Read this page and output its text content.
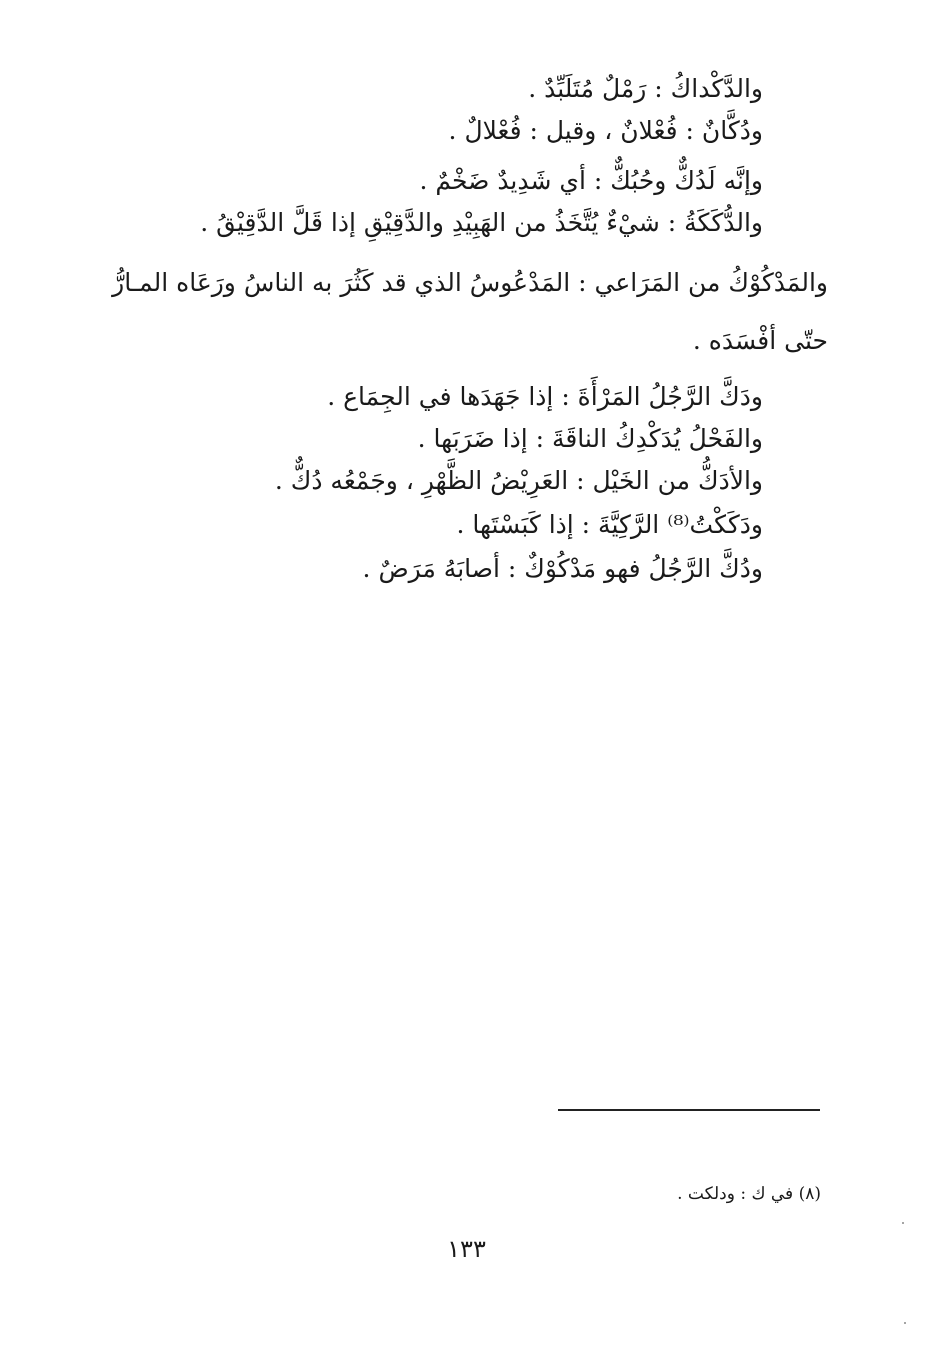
والدَّكْداكُ : رَمْلٌ مُتَلَبِّدٌ .
ودُكَّانٌ : فُعْلانٌ ، وقيل : فُعْلالٌ .
وإنَّه لَدُكٌّ وحُبُكٌّ : أي شَدِيدٌ ضَخْمٌ .
والدُّكَكَةُ : شيْءٌ يُتَّخَذُ من الهَبِيْدِ والدَّقِيْقِ إذا قَلَّ الدَّقِيْقُ .
والمَدْكُوْكُ من المَرَاعي : المَدْعُوسُ الذي قد كَثُرَ به الناسُ ورَعَاه المـارُّ
حتّى أفْسَدَه .
ودَكَّ الرَّجُلُ المَرْأَةَ : إذا جَهَدَها في الجِمَاع .
والفَحْلُ يُدَكْدِكُ الناقَةَ : إذا ضَرَبَها .
والأدَكُّ من الخَيْل : العَرِيْضُ الظَّهْرِ ، وجَمْعُه دُكٌّ .
ودَكَكْتُ⁽⁸⁾ الرَّكِيَّةَ : إذا كَبَسْتَها .
ودُكَّ الرَّجُلُ فهو مَدْكُوْكٌ : أصابَهُ مَرَضٌ .
(٨) في ك : ودلكت .
١٣٣
